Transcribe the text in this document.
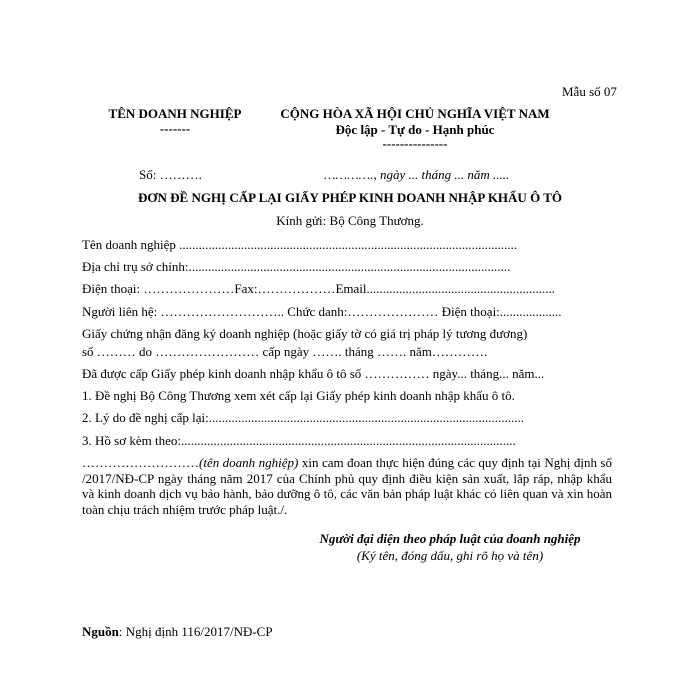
Mẫu số 07
TÊN DOANH NGHIỆP
-------
CỘNG HÒA XÃ HỘI CHỦ NGHĨA VIỆT NAM
Độc lập - Tự do - Hạnh phúc
---------------
Số: ……….	…………., ngày ... tháng ... năm .....
ĐƠN ĐỀ NGHỊ CẤP LẠI GIẤY PHÉP KINH DOANH NHẬP KHẨU Ô TÔ
Kính gửi: Bộ Công Thương.
Tên doanh nghiệp ........................................................................................................
Địa chỉ trụ sở chính:...................................................................................................
Điện thoại: …………………Fax:………………Email..........................................................
Người liên hệ: ……………………….. Chức danh:………………… Điện thoại:...................
Giấy chứng nhận đăng ký doanh nghiệp (hoặc giấy tờ có giá trị pháp lý tương đương)
số ……… do …………………… cấp ngày ……. tháng ……. năm………….
Đã được cấp Giấy phép kinh doanh nhập khẩu ô tô số …………… ngày... tháng... năm...
1. Đề nghị Bộ Công Thương xem xét cấp lại Giấy phép kinh doanh nhập khẩu ô tô.
2. Lý do đề nghị cấp lại:.................................................................................................
3. Hồ sơ kèm theo:.......................................................................................................
………………………(tên doanh nghiệp) xin cam đoan thực hiện đúng các quy định tại Nghị định số /2017/NĐ-CP ngày tháng năm 2017 của Chính phủ quy định điều kiện sản xuất, lắp ráp, nhập khẩu và kinh doanh dịch vụ bảo hành, bảo dưỡng ô tô, các văn bản pháp luật khác có liên quan và xin hoàn toàn chịu trách nhiệm trước pháp luật./.
Người đại diện theo pháp luật của doanh nghiệp
(Ký tên, đóng dấu, ghi rõ họ và tên)
Nguồn: Nghị định 116/2017/NĐ-CP
